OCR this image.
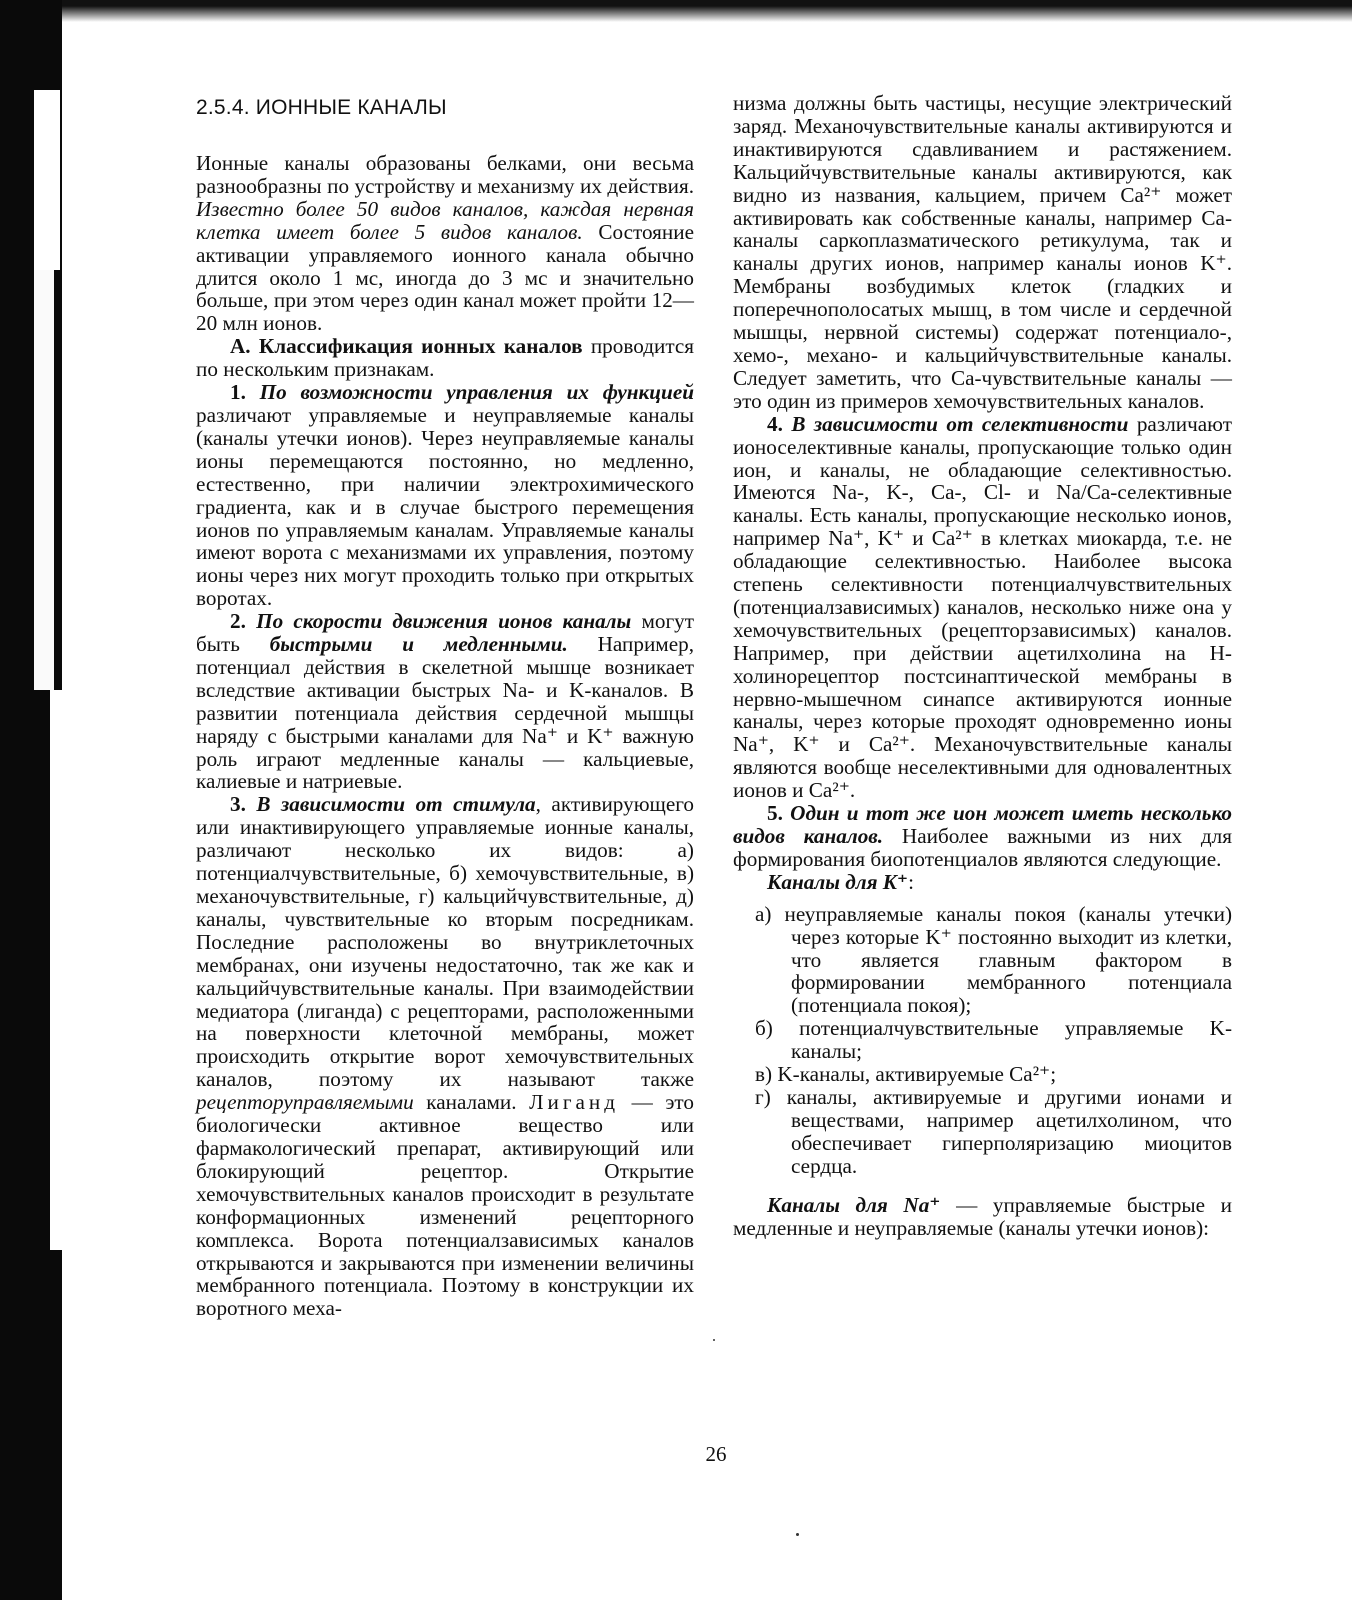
2.5.4. ИОННЫЕ КАНАЛЫ

Ионные каналы образованы белками, они весьма разнообразны по устройству и механизму их действия. Известно более 50 видов каналов, каждая нервная клетка имеет более 5 видов каналов. Состояние активации управляемого ионного канала обычно длится около 1 мс, иногда до 3 мс и значительно больше, при этом через один канал может пройти 12—20 млн ионов.

А. Классификация ионных каналов проводится по нескольким признакам.

1. По возможности управления их функцией различают управляемые и неуправляемые каналы (каналы утечки ионов). Через неуправляемые каналы ионы перемещаются постоянно, но медленно, естественно, при наличии электрохимического градиента, как и в случае быстрого перемещения ионов по управляемым каналам. Управляемые каналы имеют ворота с механизмами их управления, поэтому ионы через них могут проходить только при открытых воротах.

2. По скорости движения ионов каналы могут быть быстрыми и медленными. Например, потенциал действия в скелетной мышце возникает вследствие активации быстрых Na- и K-каналов. В развитии потенциала действия сердечной мышцы наряду с быстрыми каналами для Na⁺ и K⁺ важную роль играют медленные каналы — кальциевые, калиевые и натриевые.

3. В зависимости от стимула, активирующего или инактивирующего управляемые ионные каналы, различают несколько их видов: а) потенциалчувствительные, б) хемочувствительные, в) механочувствительные, г) кальцийчувствительные, д) каналы, чувствительные ко вторым посредникам. Последние расположены во внутриклеточных мембранах, они изучены недостаточно, так же как и кальцийчувствительные каналы. При взаимодействии медиатора (лиганда) с рецепторами, расположенными на поверхности клеточной мембраны, может происходить открытие ворот хемочувствительных каналов, поэтому их называют также рецепторуправляемыми каналами. Лиганд — это биологически активное вещество или фармакологический препарат, активирующий или блокирующий рецептор. Открытие хемочувствительных каналов происходит в результате конформационных изменений рецепторного комплекса. Ворота потенциалзависимых каналов открываются и закрываются при изменении величины мембранного потенциала. Поэтому в конструкции их воротного меха-

низма должны быть частицы, несущие электрический заряд. Механочувствительные каналы активируются и инактивируются сдавливанием и растяжением. Кальцийчувствительные каналы активируются, как видно из названия, кальцием, причем Ca²⁺ может активировать как собственные каналы, например Ca-каналы саркоплазматического ретикулума, так и каналы других ионов, например каналы ионов K⁺. Мембраны возбудимых клеток (гладких и поперечнополосатых мышц, в том числе и сердечной мышцы, нервной системы) содержат потенциало-, хемо-, механо- и кальцийчувствительные каналы. Следует заметить, что Ca-чувствительные каналы — это один из примеров хемочувствительных каналов.

4. В зависимости от селективности различают ионоселективные каналы, пропускающие только один ион, и каналы, не обладающие селективностью. Имеются Na-, K-, Ca-, Cl- и Na/Ca-селективные каналы. Есть каналы, пропускающие несколько ионов, например Na⁺, K⁺ и Ca²⁺ в клетках миокарда, т.е. не обладающие селективностью. Наиболее высока степень селективности потенциалчувствительных (потенциалзависимых) каналов, несколько ниже она у хемочувствительных (рецепторзависимых) каналов. Например, при действии ацетилхолина на Н-холинорецептор постсинаптической мембраны в нервно-мышечном синапсе активируются ионные каналы, через которые проходят одновременно ионы Na⁺, K⁺ и Ca²⁺. Механочувствительные каналы являются вообще неселективными для одновалентных ионов и Ca²⁺.

5. Один и тот же ион может иметь несколько видов каналов. Наиболее важными из них для формирования биопотенциалов являются следующие.

Каналы для K⁺:

а) неуправляемые каналы покоя (каналы утечки) через которые K⁺ постоянно выходит из клетки, что является главным фактором в формировании мембранного потенциала (потенциала покоя);
б) потенциалчувствительные управляемые K-каналы;
в) K-каналы, активируемые Ca²⁺;
г) каналы, активируемые и другими ионами и веществами, например ацетилхолином, что обеспечивает гиперполяризацию миоцитов сердца.

Каналы для Na⁺ — управляемые быстрые и медленные и неуправляемые (каналы утечки ионов):

26
